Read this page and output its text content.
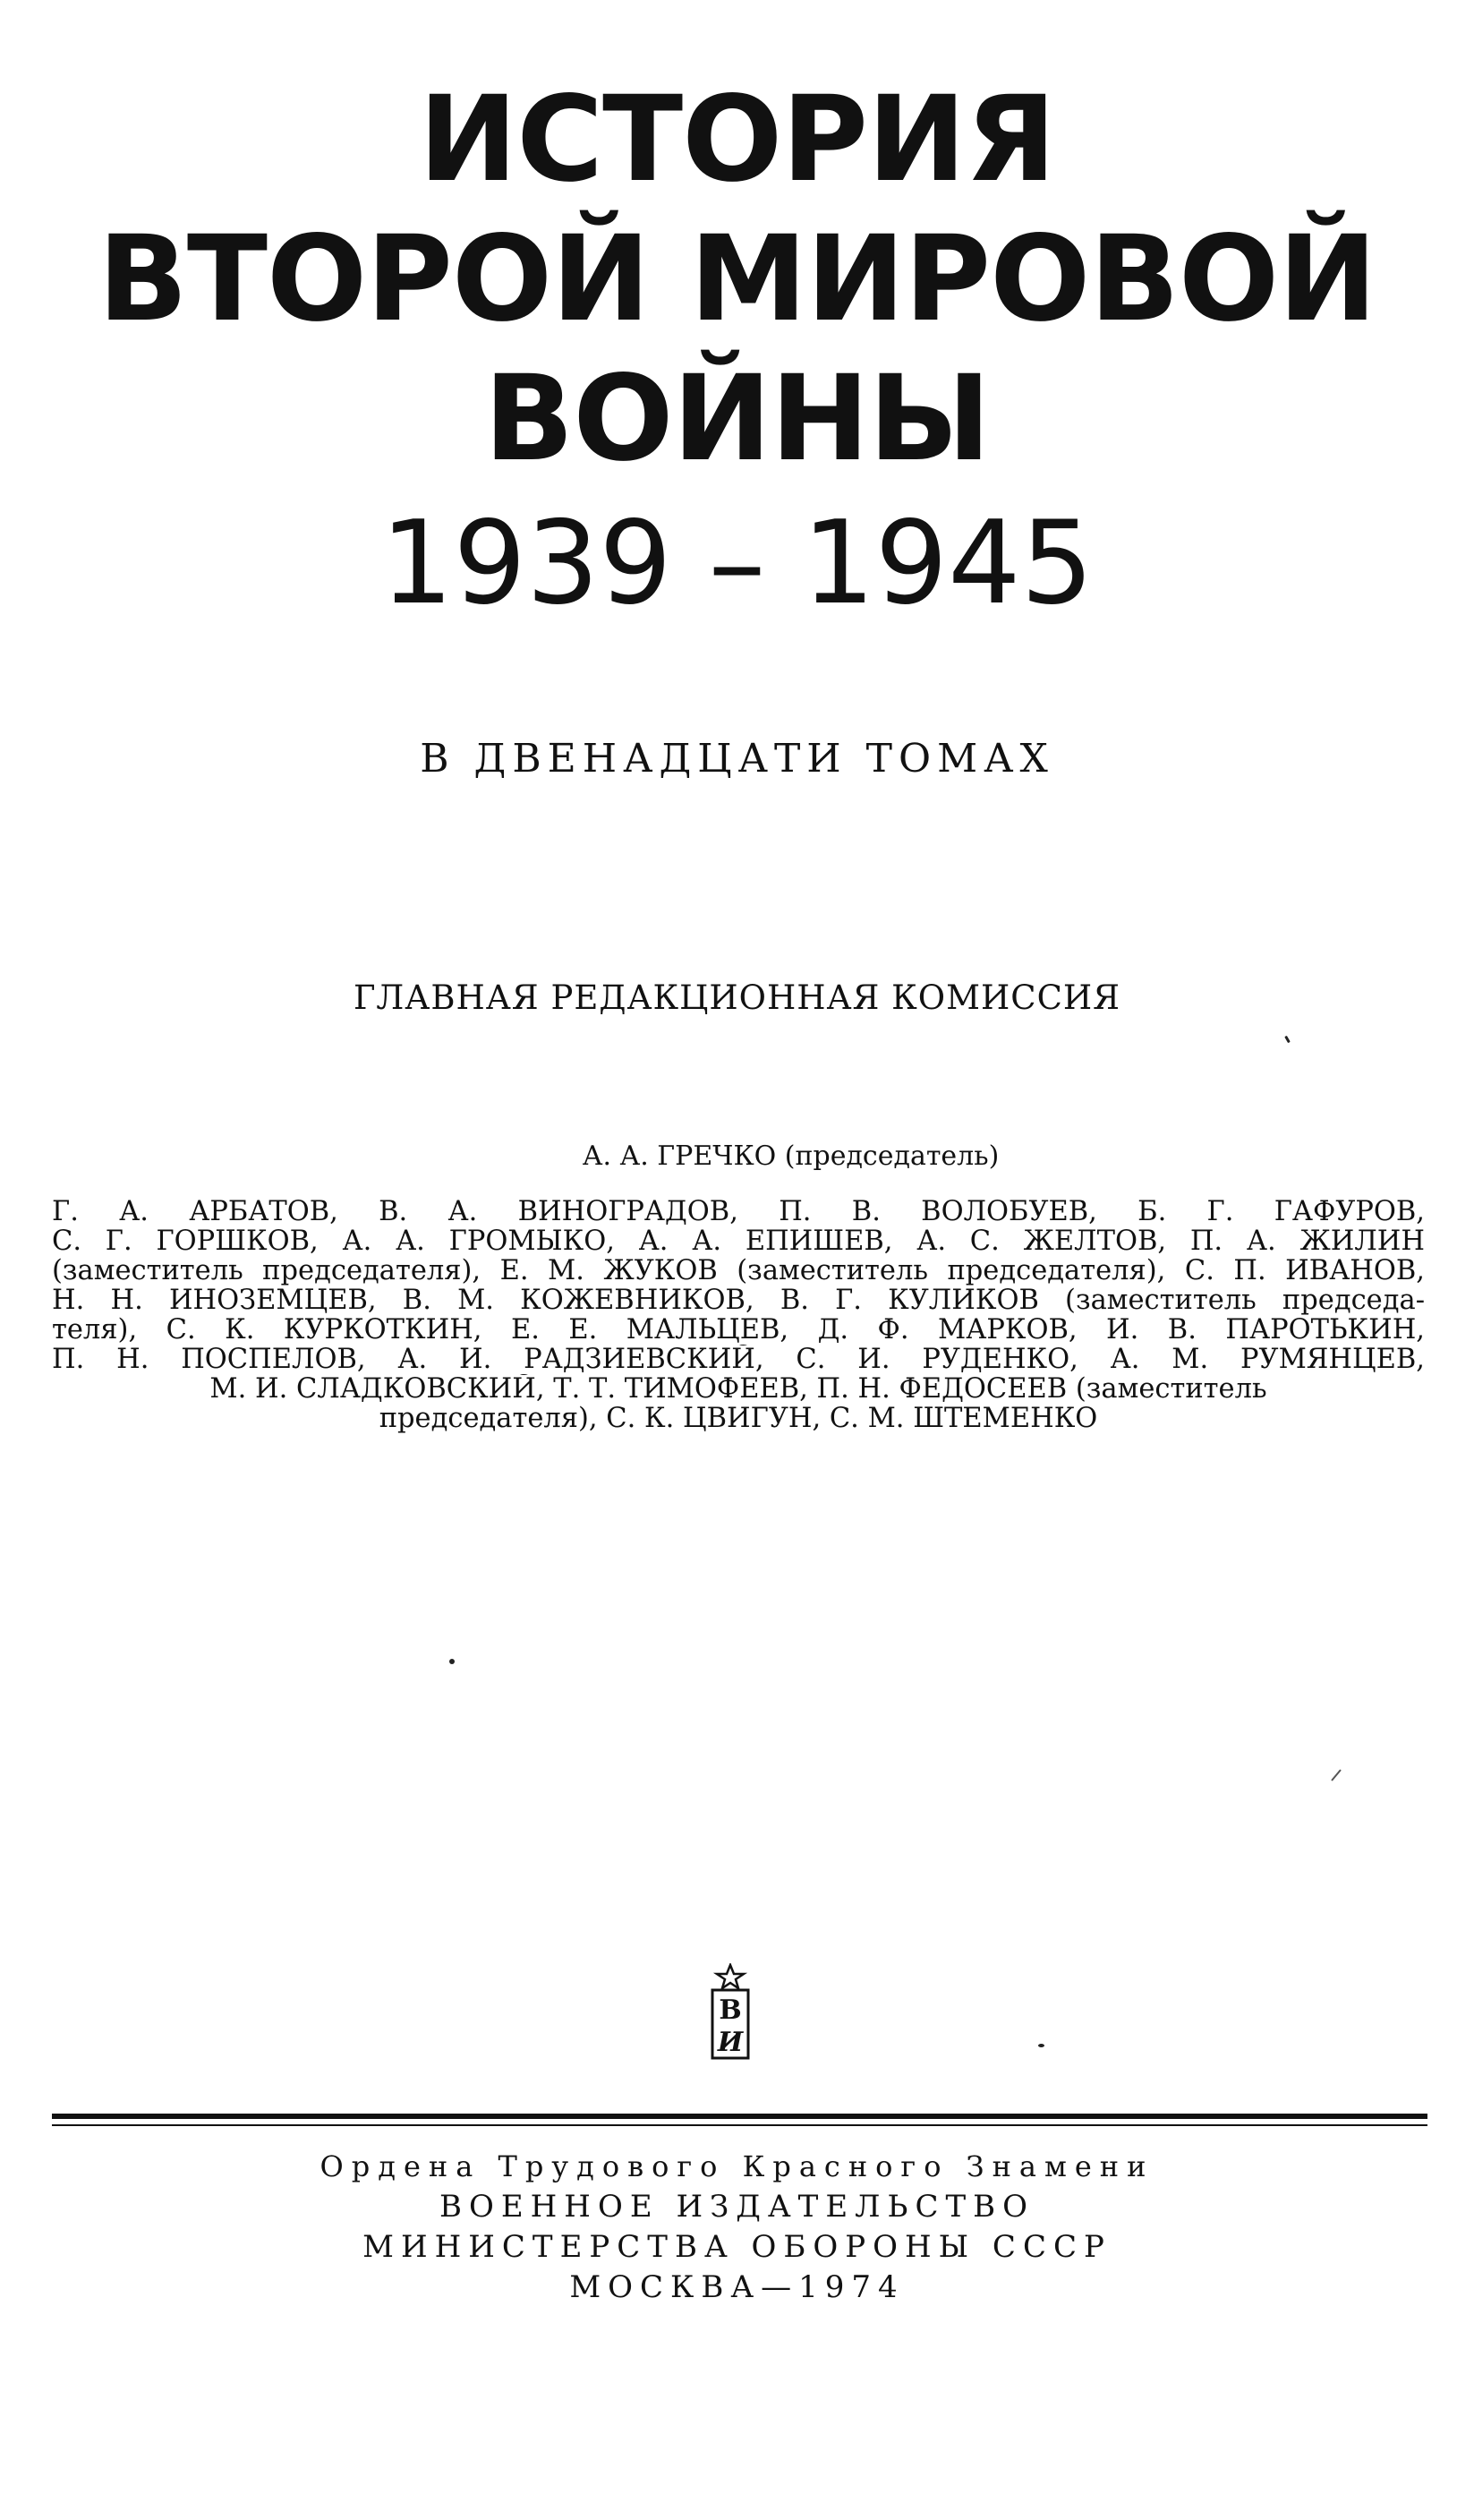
ИСТОРИЯ
ВТОРОЙ МИРОВОЙ
ВОЙНЫ
1939 – 1945
В ДВЕНАДЦАТИ ТОМАХ
ГЛАВНАЯ РЕДАКЦИОННАЯ КОМИССИЯ
А. А. ГРЕЧКО (председатель)
Г. А. АРБАТОВ, В. А. ВИНОГРАДОВ, П. В. ВОЛОБУЕВ, Б. Г. ГАФУРОВ,
С. Г. ГОРШКОВ, А. А. ГРОМЫКО, А. А. ЕПИШЕВ, А. С. ЖЕЛТОВ, П. А. ЖИЛИН
(заместитель председателя), Е. М. ЖУКОВ (заместитель председателя), С. П. ИВАНОВ,
Н. Н. ИНОЗЕМЦЕВ, В. М. КОЖЕВНИКОВ, В. Г. КУЛИКОВ (заместитель председа-
теля), С. К. КУРКОТКИН, Е. Е. МАЛЬЦЕВ, Д. Ф. МАРКОВ, И. В. ПАРОТЬКИН,
П. Н. ПОСПЕЛОВ, А. И. РАДЗИЕВСКИЙ, С. И. РУДЕНКО, А. М. РУМЯНЦЕВ,
М. И. СЛАДКОВСКИЙ, Т. Т. ТИМОФЕЕВ, П. Н. ФЕДОСЕЕВ (заместитель
председателя), С. К. ЦВИГУН, С. М. ШТЕМЕНКО
В
И
Ордена Трудового Красного Знамени
ВОЕННОЕ ИЗДАТЕЛЬСТВО
МИНИСТЕРСТВА ОБОРОНЫ СССР
МОСКВА—1974
